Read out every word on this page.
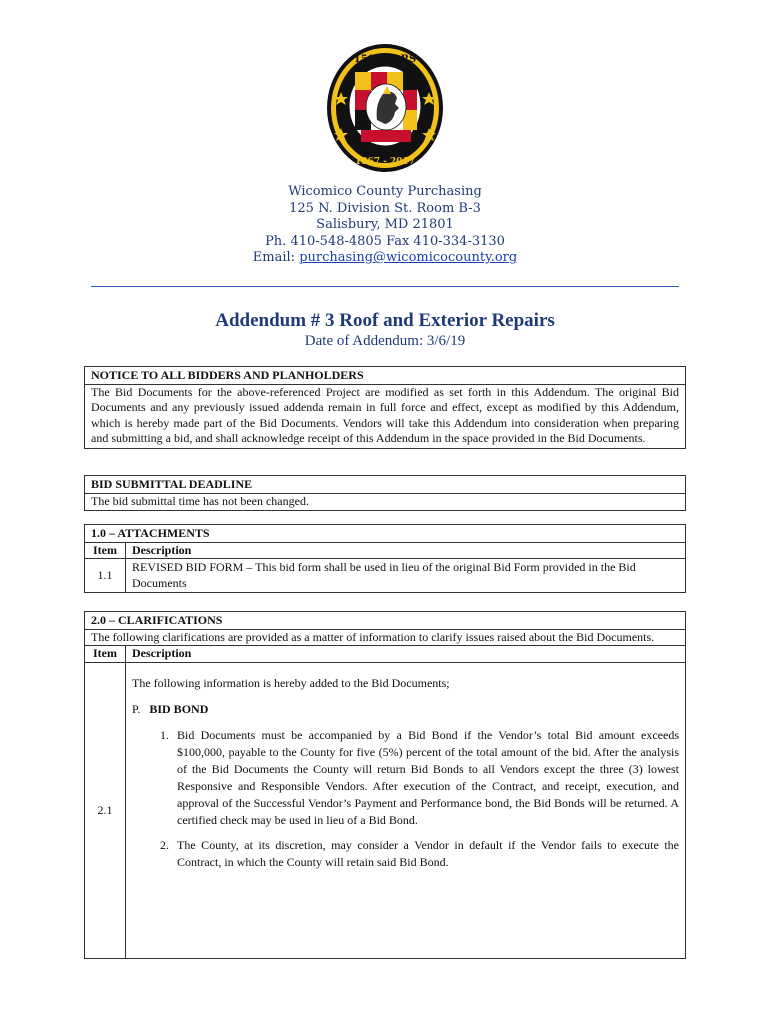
150 YEARS
1867 - 2017
Wicomico County Purchasing
125 N. Division St. Room B-3
Salisbury, MD 21801
Ph. 410-548-4805 Fax 410-334-3130
Email: purchasing@wicomicocounty.org
Addendum # 3 Roof and Exterior Repairs
Date of Addendum: 3/6/19
NOTICE TO ALL BIDDERS AND PLANHOLDERS
The Bid Documents for the above-referenced Project are modified as set forth in this Addendum. The original Bid Documents and any previously issued addenda remain in full force and effect, except as modified by this Addendum, which is hereby made part of the Bid Documents. Vendors will take this Addendum into consideration when preparing and submitting a bid, and shall acknowledge receipt of this Addendum in the space provided in the Bid Documents.
BID SUBMITTAL DEADLINE
The bid submittal time has not been changed.
1.0 – ATTACHMENTS
Item	Description
1.1
REVISED BID FORM – This bid form shall be used in lieu of the original Bid Form provided in the Bid Documents
2.0 – CLARIFICATIONS
The following clarifications are provided as a matter of information to clarify issues raised about the Bid Documents.
Item	Description
2.1
The following information is hereby added to the Bid Documents;
P. BID BOND
1. Bid Documents must be accompanied by a Bid Bond if the Vendor’s total Bid amount exceeds $100,000, payable to the County for five (5%) percent of the total amount of the bid. After the analysis of the Bid Documents the County will return Bid Bonds to all Vendors except the three (3) lowest Responsive and Responsible Vendors. After execution of the Contract, and receipt, execution, and approval of the Successful Vendor’s Payment and Performance bond, the Bid Bonds will be returned. A certified check may be used in lieu of a Bid Bond.
2. The County, at its discretion, may consider a Vendor in default if the Vendor fails to execute the Contract, in which the County will retain said Bid Bond.
